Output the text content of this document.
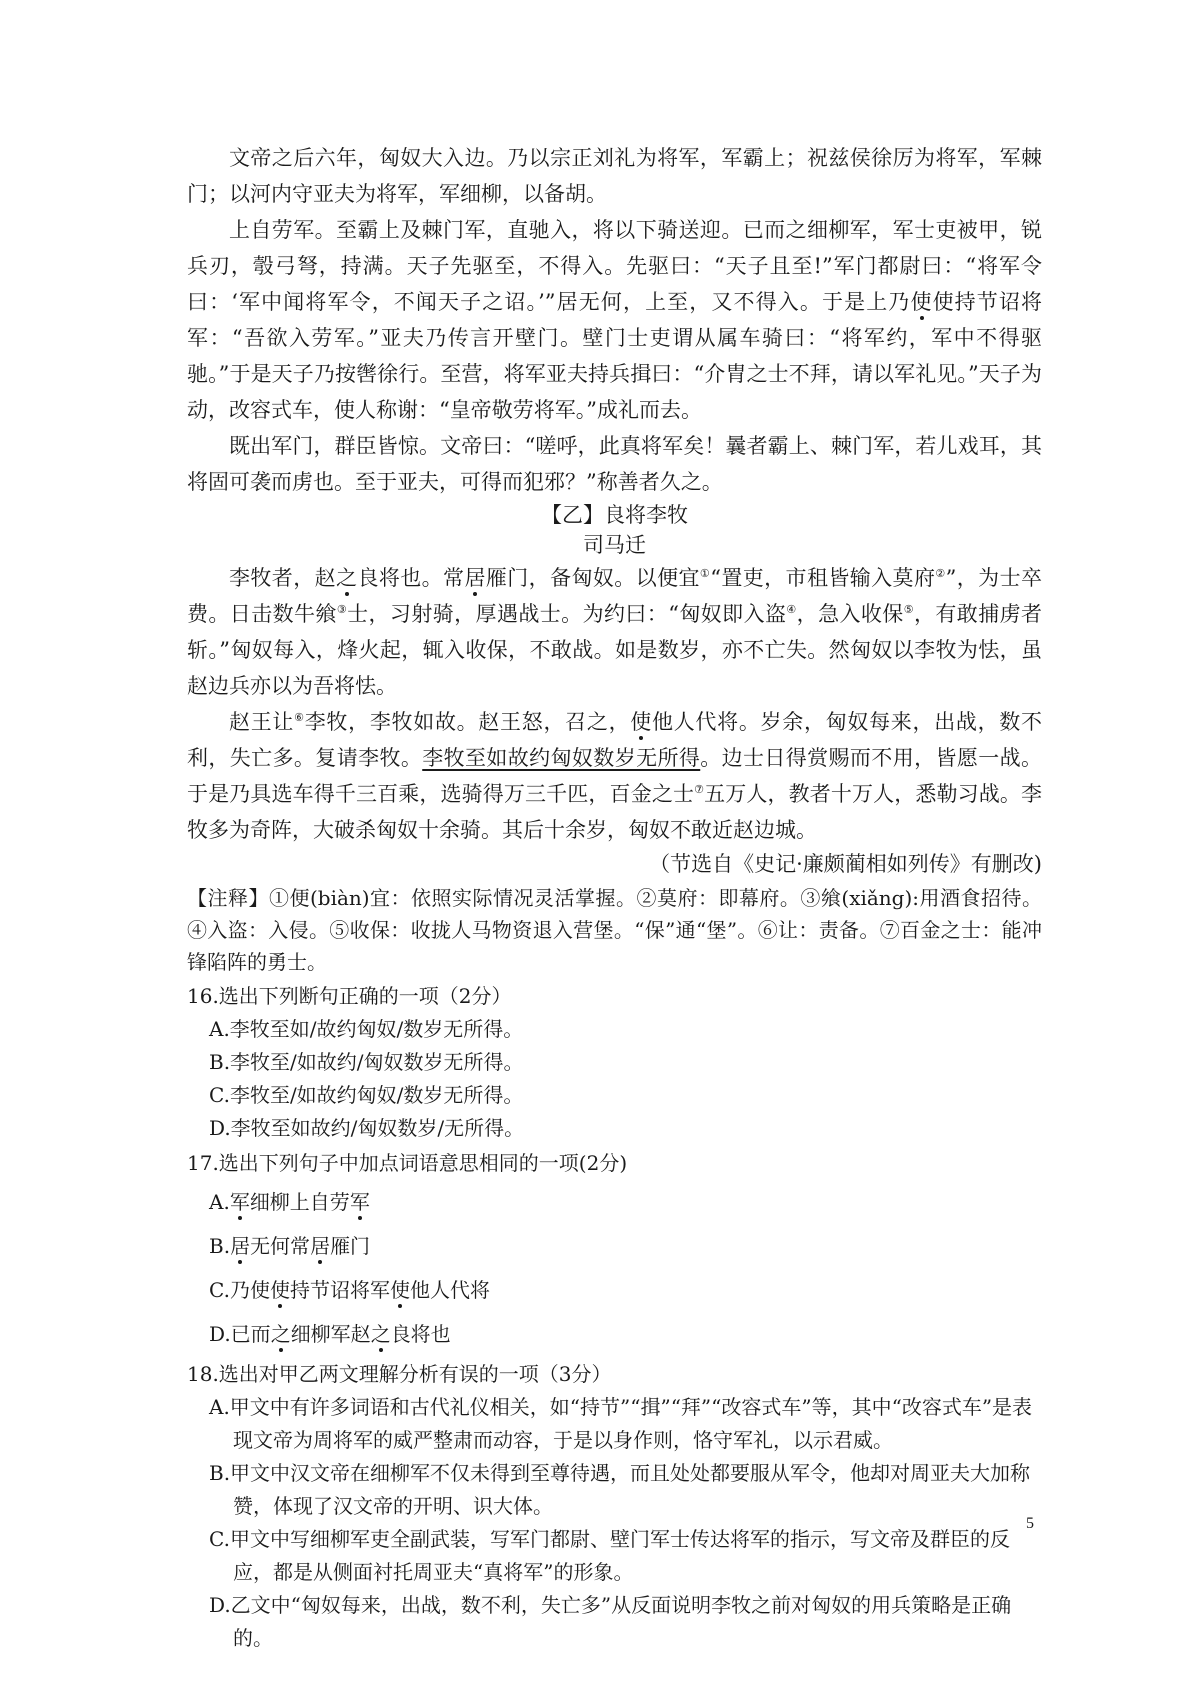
文帝之后六年，匈奴大入边。乃以宗正刘礼为将军，军霸上；祝兹侯徐厉为将军，军棘门；以河内守亚夫为将军，军细柳，以备胡。

上自劳军。至霸上及棘门军，直驰入，将以下骑送迎。已而之细柳军，军士吏被甲，锐兵刃，彀弓弩，持满。天子先驱至，不得入。先驱曰：“天子且至!”军门都尉曰：“将军令曰：‘军中闻将军令，不闻天子之诏。’”居无何，上至，又不得入。于是上乃使使持节诏将军：“吾欲入劳军。”亚夫乃传言开壁门。壁门士吏谓从属车骑曰：“将军约，军中不得驱驰。”于是天子乃按辔徐行。至营，将军亚夫持兵揖曰：“介胄之士不拜，请以军礼见。”天子为动，改容式车，使人称谢：“皇帝敬劳将军。”成礼而去。

既出军门，群臣皆惊。文帝曰：“嗟呼，此真将军矣！曩者霸上、棘门军，若儿戏耳，其将固可袭而虏也。至于亚夫，可得而犯邪？”称善者久之。

【乙】良将李牧

司马迁

李牧者，赵之良将也。常居雁门，备匈奴。以便宜①“置吏，市租皆输入莫府②”，为士卒费。日击数牛飨③士，习射骑，厚遇战士。为约曰：“匈奴即入盗④，急入收保⑤，有敢捕虏者斩。”匈奴每入，烽火起，辄入收保，不敢战。如是数岁，亦不亡失。然匈奴以李牧为怯，虽赵边兵亦以为吾将怯。

赵王让⑥李牧，李牧如故。赵王怒，召之，使他人代将。岁余，匈奴每来，出战，数不利，失亡多。复请李牧。李牧至如故约匈奴数岁无所得。边士日得赏赐而不用，皆愿一战。于是乃具选车得千三百乘，选骑得万三千匹，百金之士⑦五万人，教者十万人，悉勒习战。李牧多为奇阵，大破杀匈奴十余骑。其后十余岁，匈奴不敢近赵边城。

（节选自《史记·廉颇蔺相如列传》有删改)

【注释】①便(biàn)宜：依照实际情况灵活掌握。②莫府：即幕府。③飨(xiǎng):用酒食招待。④入盗：入侵。⑤收保：收拢人马物资退入营堡。“保”通“堡”。⑥让：责备。⑦百金之士：能冲锋陷阵的勇士。

16.选出下列断句正确的一项（2分）

A.李牧至如/故约匈奴/数岁无所得。

B.李牧至/如故约/匈奴数岁无所得。

C.李牧至/如故约匈奴/数岁无所得。

D.李牧至如故约/匈奴数岁/无所得。

17.选出下列句子中加点词语意思相同的一项(2分)

A.军细柳上自劳军

B.居无何常居雁门

C.乃使使持节诏将军使他人代将

D.已而之细柳军赵之良将也

18.选出对甲乙两文理解分析有误的一项（3分）

A.甲文中有许多词语和古代礼仪相关，如“持节”“揖”“拜”“改容式车”等，其中“改容式车”是表现文帝为周将军的威严整肃而动容，于是以身作则，恪守军礼，以示君威。

B.甲文中汉文帝在细柳军不仅未得到至尊待遇，而且处处都要服从军令，他却对周亚夫大加称赞，体现了汉文帝的开明、识大体。

C.甲文中写细柳军吏全副武装，写军门都尉、壁门军士传达将军的指示，写文帝及群臣的反应，都是从侧面衬托周亚夫“真将军”的形象。

D.乙文中“匈奴每来，出战，数不利，失亡多”从反面说明李牧之前对匈奴的用兵策略是正确的。

5
